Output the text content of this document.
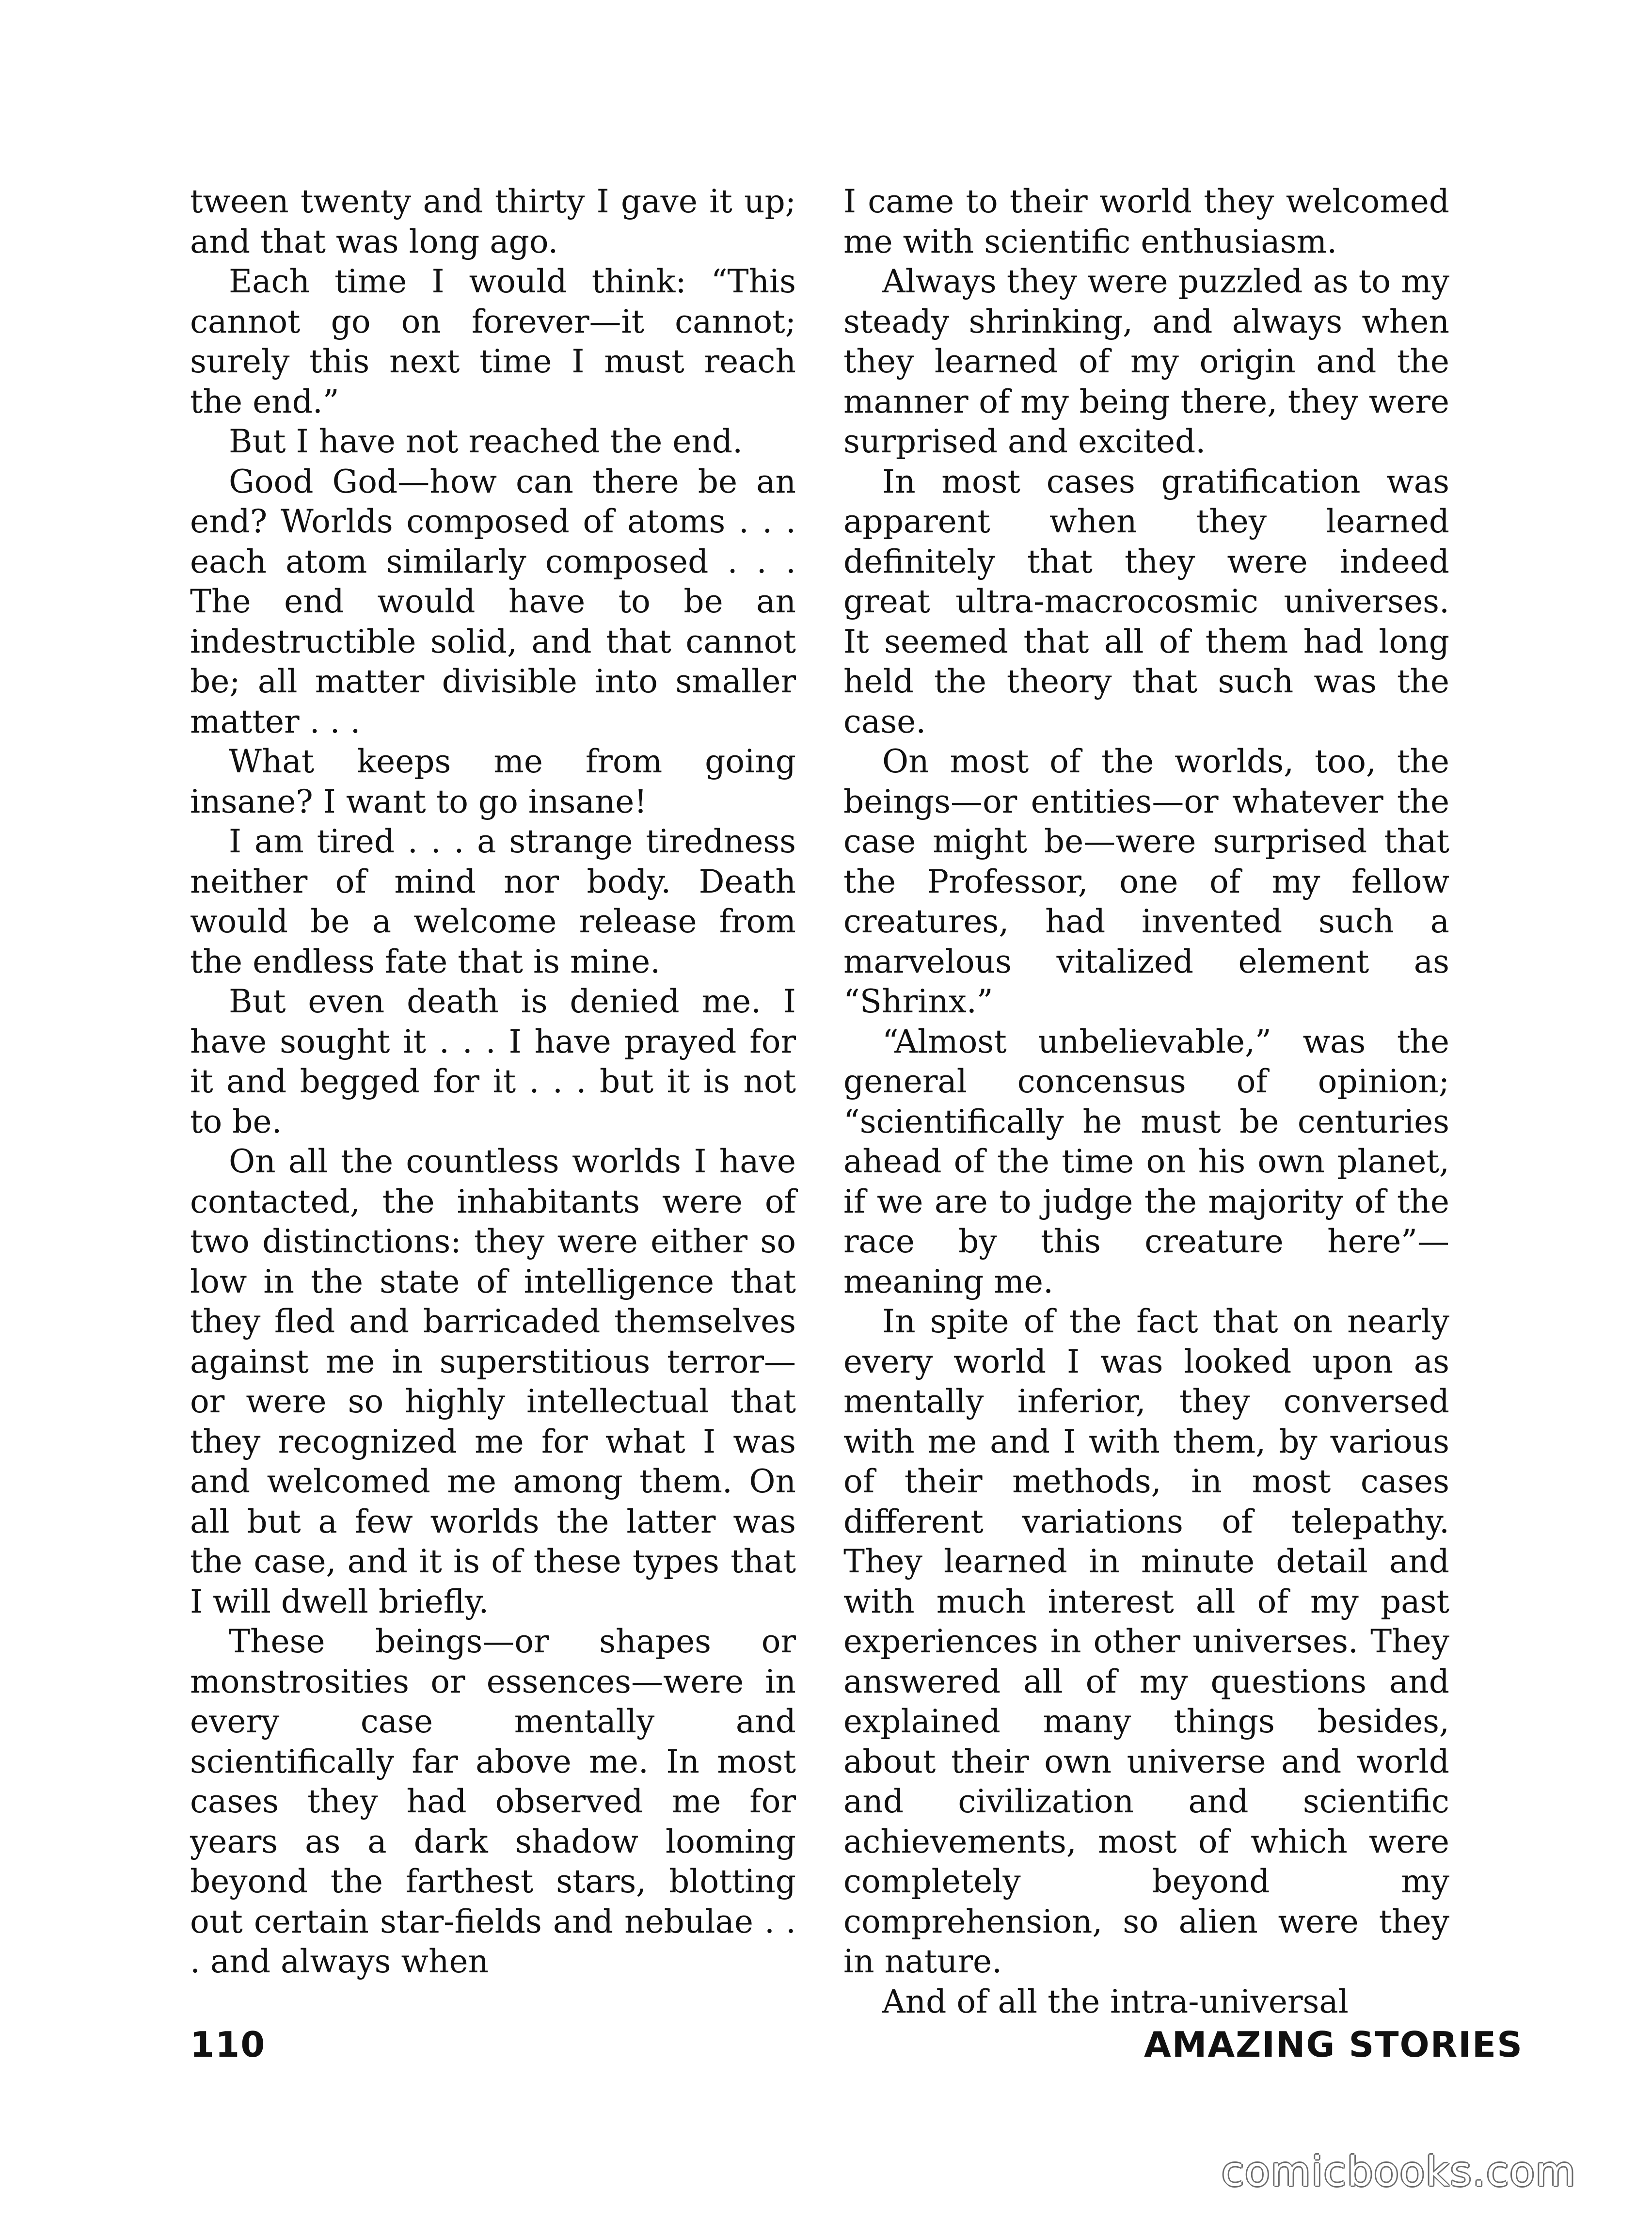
tween twenty and thirty I gave it up; and that was long ago.

Each time I would think: “This cannot go on forever—it cannot; surely this next time I must reach the end.”

But I have not reached the end.

Good God—how can there be an end? Worlds composed of atoms . . . each atom similarly composed . . . The end would have to be an indestructible solid, and that cannot be; all matter divisible into smaller matter . . .

What keeps me from going insane? I want to go insane!

I am tired . . . a strange tiredness neither of mind nor body. Death would be a welcome release from the endless fate that is mine.

But even death is denied me. I have sought it . . . I have prayed for it and begged for it . . . but it is not to be.

On all the countless worlds I have contacted, the inhabitants were of two distinctions: they were either so low in the state of intelligence that they fled and barricaded themselves against me in superstitious terror—or were so highly intellectual that they recognized me for what I was and welcomed me among them. On all but a few worlds the latter was the case, and it is of these types that I will dwell briefly.

These beings—or shapes or monstrosities or essences—were in every case mentally and scientifically far above me. In most cases they had observed me for years as a dark shadow looming beyond the farthest stars, blotting out certain star-fields and nebulae . . . and always when

I came to their world they welcomed me with scientific enthusiasm.

Always they were puzzled as to my steady shrinking, and always when they learned of my origin and the manner of my being there, they were surprised and excited.

In most cases gratification was apparent when they learned definitely that they were indeed great ultra-macrocosmic universes. It seemed that all of them had long held the theory that such was the case.

On most of the worlds, too, the beings—or entities—or whatever the case might be—were surprised that the Professor, one of my fellow creatures, had invented such a marvelous vitalized element as “Shrinx.”

“Almost unbelievable,” was the general concensus of opinion; “scientifically he must be centuries ahead of the time on his own planet, if we are to judge the majority of the race by this creature here”—meaning me.

In spite of the fact that on nearly every world I was looked upon as mentally inferior, they conversed with me and I with them, by various of their methods, in most cases different variations of telepathy. They learned in minute detail and with much interest all of my past experiences in other universes. They answered all of my questions and explained many things besides, about their own universe and world and civilization and scientific achievements, most of which were completely beyond my comprehension, so alien were they in nature.

And of all the intra-universal

110	AMAZING STORIES
comicbooks.com
